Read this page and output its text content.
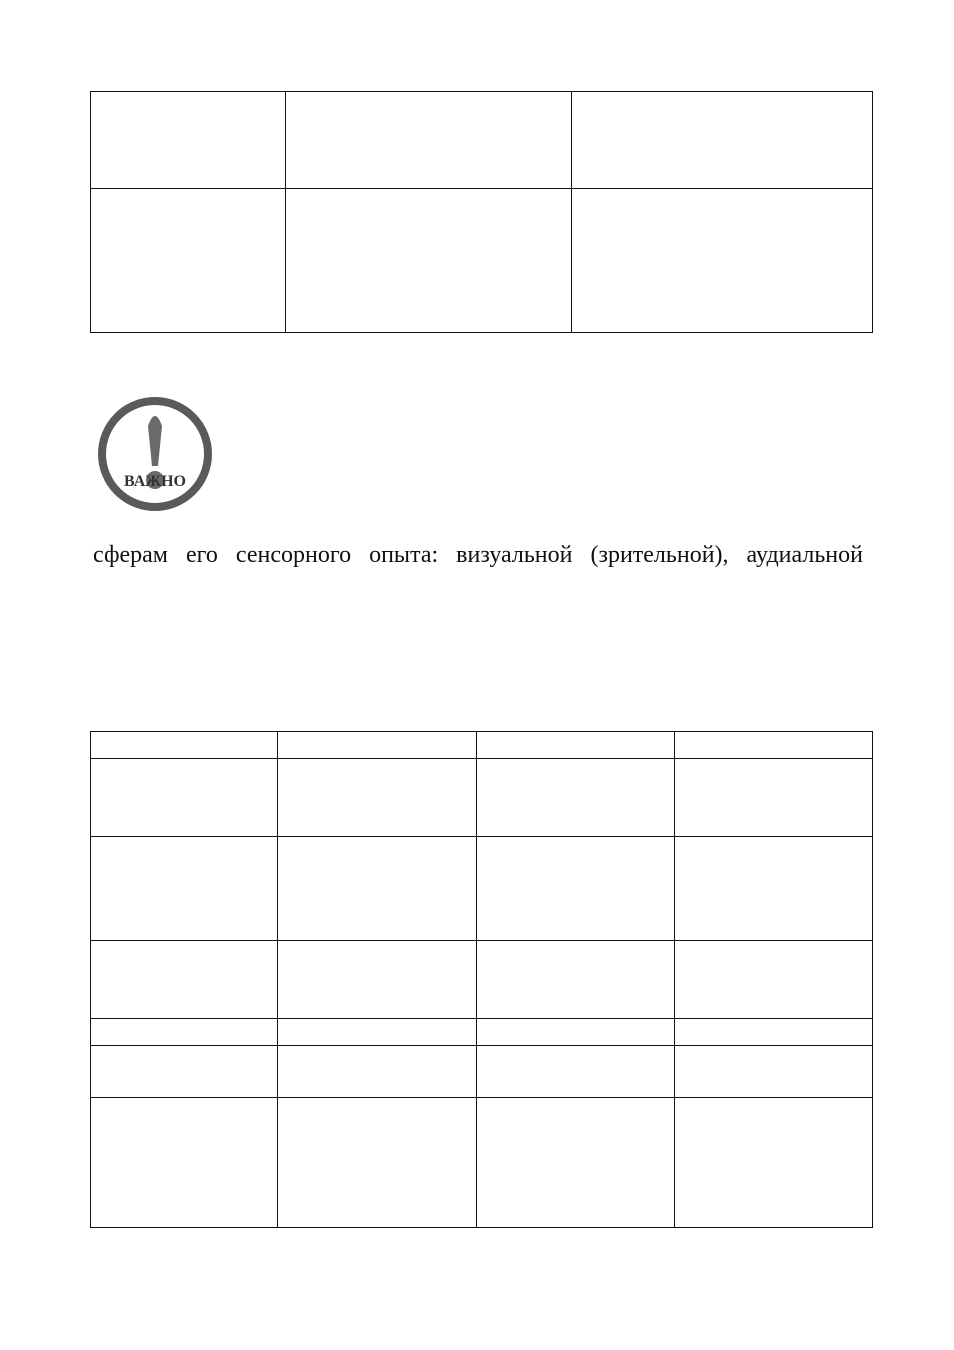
ВАЖНО
сферам его сенсорного опыта: визуальной (зрительной), аудиальной
